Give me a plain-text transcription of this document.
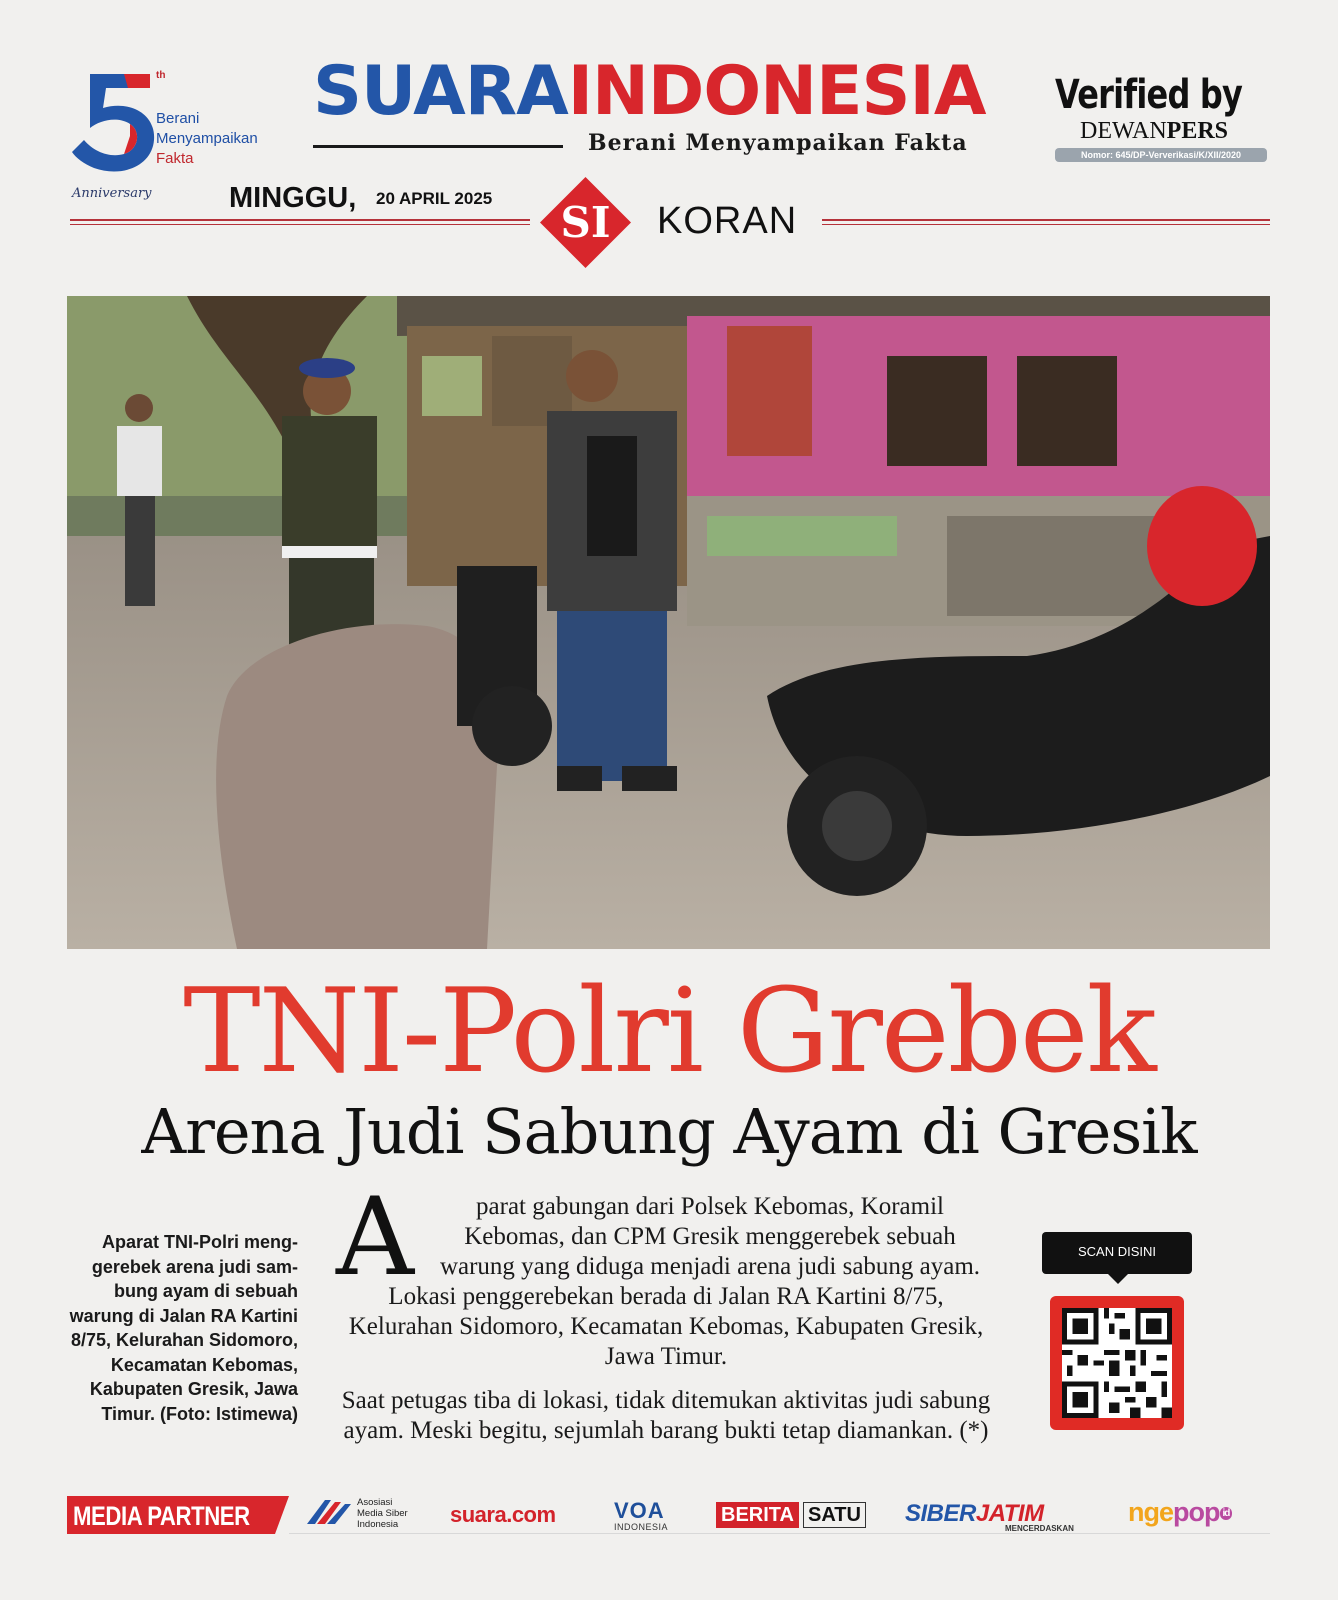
th
Berani
Menyampaikan
Fakta
Anniversary
SUARAINDONESIA
Berani Menyampaikan Fakta
Verified by
DEWANPERS
Nomor: 645/DP-Ververikasi/K/XII/2020
MINGGU, 20 APRIL 2025 SI KORAN
TNI-Polri Grebek
Arena Judi Sabung Ayam di Gresik

Aparat TNI-Polri meng-gerebek arena judi sam-bung ayam di sebuah warung di Jalan RA Kartini 8/75, Kelurahan Sidomoro, Kecamatan Kebomas, Kabupaten Gresik, Jawa Timur. (Foto: Istimewa)

A parat gabungan dari Polsek Kebomas, Koramil Kebomas, dan CPM Gresik menggerebek sebuah warung yang diduga menjadi arena judi sabung ayam. Lokasi penggerebekan berada di Jalan RA Kartini 8/75, Kelurahan Sidomoro, Kecamatan Kebomas, Kabupaten Gresik, Jawa Timur.

Saat petugas tiba di lokasi, tidak ditemukan aktivitas judi sabung ayam. Meski begitu, sejumlah barang bukti tetap diamankan. (*)

SCAN DISINI
MEDIA PARTNER	Asosiasi
Media Siber
Indonesia	suara.com	VOA
INDONESIA
BERITA SATU SIBERJATIM
MENCERDASKAN
ngepop id
